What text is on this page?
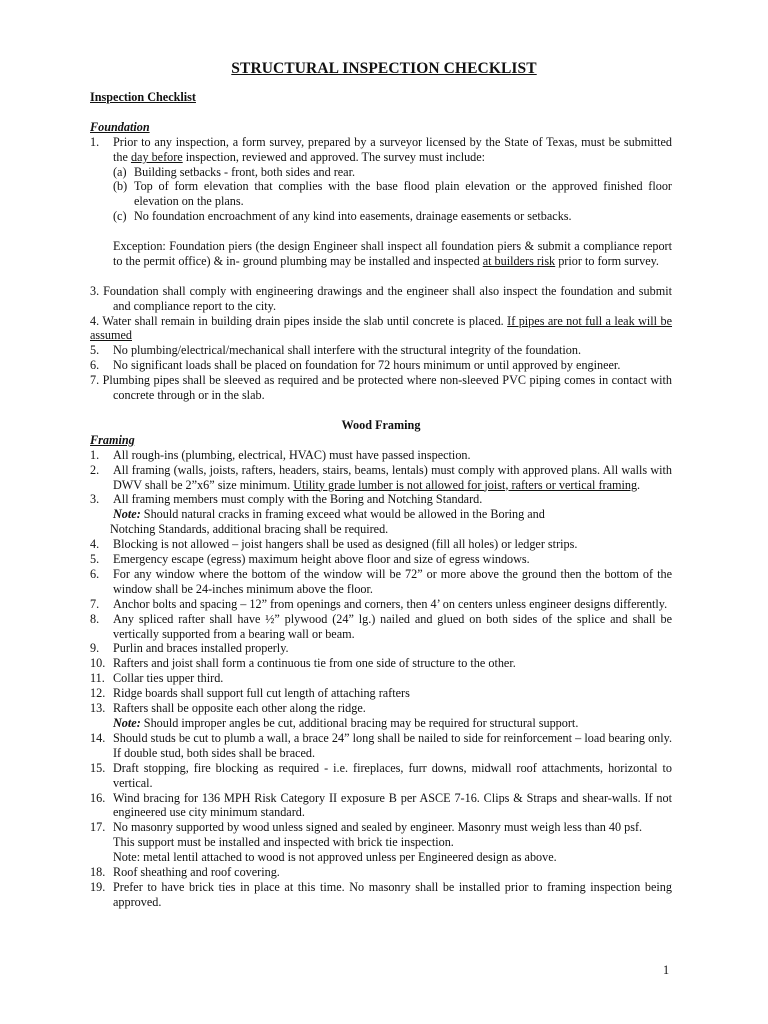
STRUCTURAL INSPECTION CHECKLIST

Inspection Checklist

Foundation

1.	Prior to any inspection, a form survey, prepared by a surveyor licensed by the State of Texas, must be submitted the day before inspection, reviewed and approved. The survey must include:
(a) Building setbacks - front, both sides and rear.
(b) Top of form elevation that complies with the base flood plain elevation or the approved finished floor elevation on the plans.
(c) No foundation encroachment of any kind into easements, drainage easements or setbacks.

Exception: Foundation piers (the design Engineer shall inspect all foundation piers & submit a compliance report to the permit office) & in- ground plumbing may be installed and inspected at builders risk prior to form survey.

3. Foundation shall comply with engineering drawings and the engineer shall also inspect the foundation and submit and compliance report to the city.

4. Water shall remain in building drain pipes inside the slab until concrete is placed. If pipes are not full a leak will be assumed

5.	No plumbing/electrical/mechanical shall interfere with the structural integrity of the foundation.
6.	No significant loads shall be placed on foundation for 72 hours minimum or until approved by engineer.

7. Plumbing pipes shall be sleeved as required and be protected where non-sleeved PVC piping comes in contact with concrete through or in the slab.

Wood Framing

Framing

1.	All rough-ins (plumbing, electrical, HVAC) must have passed inspection.
2.	All framing (walls, joists, rafters, headers, stairs, beams, lentals) must comply with approved plans. All walls with DWV shall be 2”x6” size minimum. Utility grade lumber is not allowed for joist, rafters or vertical framing.
3.	All framing members must comply with the Boring and Notching Standard.

Note: Should natural cracks in framing exceed what would be allowed in the Boring and

Notching Standards, additional bracing shall be required.

4.	Blocking is not allowed – joist hangers shall be used as designed (fill all holes) or ledger strips.
5.	Emergency escape (egress) maximum height above floor and size of egress windows.
6.	For any window where the bottom of the window will be 72” or more above the ground then the bottom of the window shall be 24-inches minimum above the floor.
7.	Anchor bolts and spacing – 12” from openings and corners, then 4’ on centers unless engineer designs differently.
8.	Any spliced rafter shall have ½” plywood (24” lg.) nailed and glued on both sides of the splice and shall be vertically supported from a bearing wall or beam.
9.	Purlin and braces installed properly.
10. Rafters and joist shall form a continuous tie from one side of structure to the other.
11. Collar ties upper third.
12. Ridge boards shall support full cut length of attaching rafters
13. Rafters shall be opposite each other along the ridge.

Note: Should improper angles be cut, additional bracing may be required for structural support.

14. Should studs be cut to plumb a wall, a brace 24” long shall be nailed to side for reinforcement – load bearing only. If double stud, both sides shall be braced.
15. Draft stopping, fire blocking as required - i.e. fireplaces, furr downs, midwall roof attachments, horizontal to vertical.
16. Wind bracing for 136 MPH Risk Category II exposure B per ASCE 7-16. Clips & Straps and shear-walls. If not engineered use city minimum standard.
17. No masonry supported by wood unless signed and sealed by engineer. Masonry must weigh less than 40 psf.

This support must be installed and inspected with brick tie inspection.

Note: metal lentil attached to wood is not approved unless per Engineered design as above.

18. Roof sheathing and roof covering.
19. Prefer to have brick ties in place at this time. No masonry shall be installed prior to framing inspection being approved.
1
